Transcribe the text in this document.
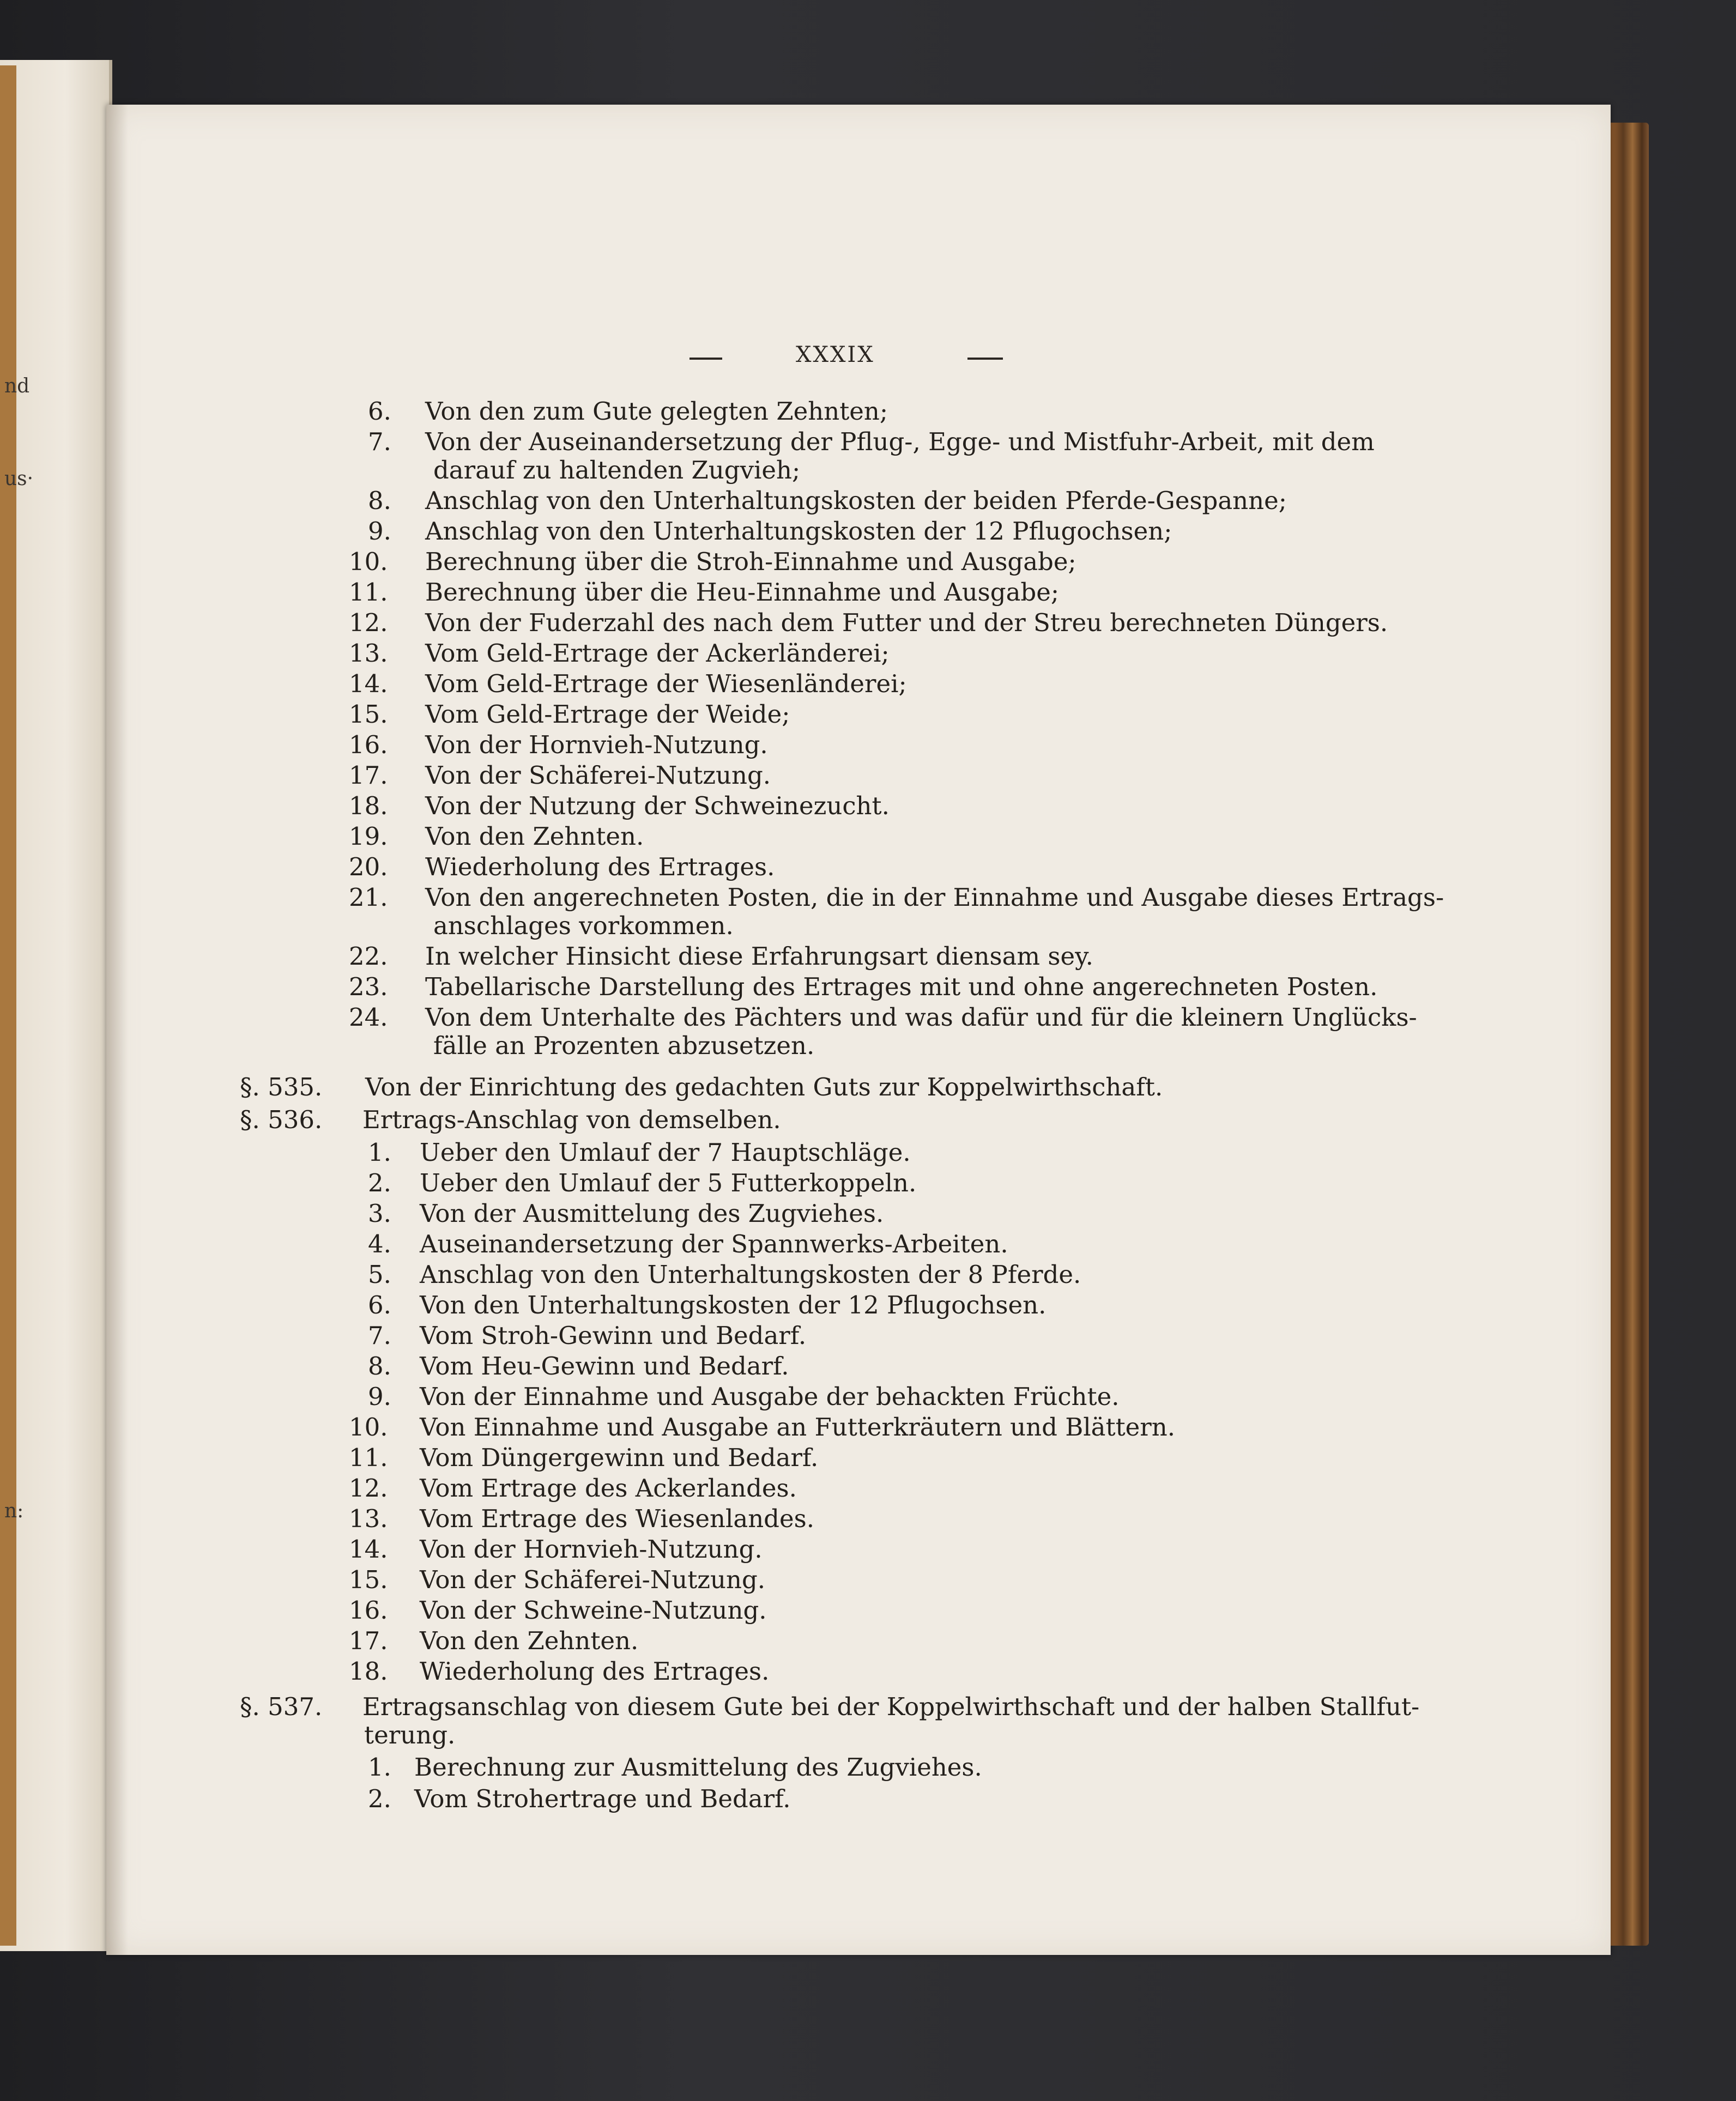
nd
us·
n:
XXXIX
6. Von den zum Gute gelegten Zehnten;
7. Von der Auseinandersetzung der Pflug-, Egge- und Mistfuhr-Arbeit, mit dem
darauf zu haltenden Zugvieh;
8. Anschlag von den Unterhaltungskosten der beiden Pferde-Gespanne;
9. Anschlag von den Unterhaltungskosten der 12 Pflugochsen;
10. Berechnung über die Stroh-Einnahme und Ausgabe;
11. Berechnung über die Heu-Einnahme und Ausgabe;
12. Von der Fuderzahl des nach dem Futter und der Streu berechneten Düngers.
13. Vom Geld-Ertrage der Ackerländerei;
14. Vom Geld-Ertrage der Wiesenländerei;
15. Vom Geld-Ertrage der Weide;
16. Von der Hornvieh-Nutzung.
17. Von der Schäferei-Nutzung.
18. Von der Nutzung der Schweinezucht.
19. Von den Zehnten.
20. Wiederholung des Ertrages.
21. Von den angerechneten Posten, die in der Einnahme und Ausgabe dieses Ertrags-
anschlages vorkommen.
22. In welcher Hinsicht diese Erfahrungsart diensam sey.
23. Tabellarische Darstellung des Ertrages mit und ohne angerechneten Posten.
24. Von dem Unterhalte des Pächters und was dafür und für die kleinern Unglücks-
fälle an Prozenten abzusetzen.
§. 535. Von der Einrichtung des gedachten Guts zur Koppelwirthschaft.
§. 536. Ertrags-Anschlag von demselben.
1. Ueber den Umlauf der 7 Hauptschläge.
2. Ueber den Umlauf der 5 Futterkoppeln.
3. Von der Ausmittelung des Zugviehes.
4. Auseinandersetzung der Spannwerks-Arbeiten.
5. Anschlag von den Unterhaltungskosten der 8 Pferde.
6. Von den Unterhaltungskosten der 12 Pflugochsen.
7. Vom Stroh-Gewinn und Bedarf.
8. Vom Heu-Gewinn und Bedarf.
9. Von der Einnahme und Ausgabe der behackten Früchte.
10. Von Einnahme und Ausgabe an Futterkräutern und Blättern.
11. Vom Düngergewinn und Bedarf.
12. Vom Ertrage des Ackerlandes.
13. Vom Ertrage des Wiesenlandes.
14. Von der Hornvieh-Nutzung.
15. Von der Schäferei-Nutzung.
16. Von der Schweine-Nutzung.
17. Von den Zehnten.
18. Wiederholung des Ertrages.
§. 537. Ertragsanschlag von diesem Gute bei der Koppelwirthschaft und der halben Stallfut-
terung.
1. Berechnung zur Ausmittelung des Zugviehes.
2. Vom Strohertrage und Bedarf.
